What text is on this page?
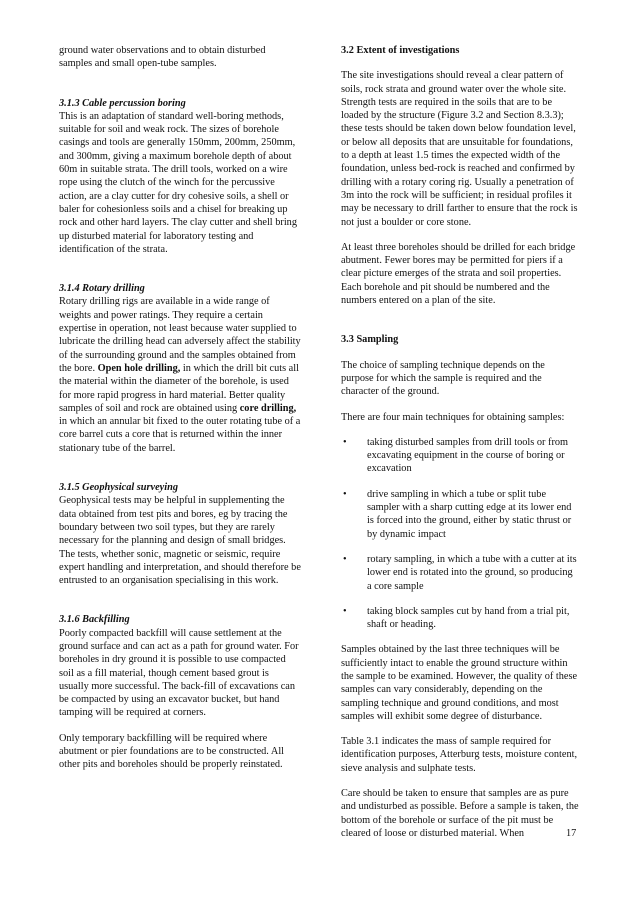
ground water observations and to obtain disturbed samples and small open-tube samples.

3.1.3 Cable percussion boring

This is an adaptation of standard well-boring methods, suitable for soil and weak rock. The sizes of borehole casings and tools are generally 150mm, 200mm, 250mm, and 300mm, giving a maximum borehole depth of about 60m in suitable strata. The drill tools, worked on a wire rope using the clutch of the winch for the percussive action, are a clay cutter for dry cohesive soils, a shell or baler for cohesionless soils and a chisel for breaking up rock and other hard layers. The clay cutter and shell bring up disturbed material for laboratory testing and identification of the strata.

3.1.4 Rotary drilling

Rotary drilling rigs are available in a wide range of weights and power ratings. They require a certain expertise in operation, not least because water supplied to lubricate the drilling head can adversely affect the stability of the surrounding ground and the samples obtained from the bore. Open hole drilling, in which the drill bit cuts all the material within the diameter of the borehole, is used for more rapid progress in hard material. Better quality samples of soil and rock are obtained using core drilling, in which an annular bit fixed to the outer rotating tube of a core barrel cuts a core that is returned within the inner stationary tube of the barrel.

3.1.5 Geophysical surveying

Geophysical tests may be helpful in supplementing the data obtained from test pits and bores, eg by tracing the boundary between two soil types, but they are rarely necessary for the planning and design of small bridges. The tests, whether sonic, magnetic or seismic, require expert handling and interpretation, and should therefore be entrusted to an organisation specialising in this work.

3.1.6 Backfilling

Poorly compacted backfill will cause settlement at the ground surface and can act as a path for ground water. For boreholes in dry ground it is possible to use compacted soil as a fill material, though cement based grout is usually more successful. The back-fill of excavations can be compacted by using an excavator bucket, but hand tamping will be required at corners.

Only temporary backfilling will be required where abutment or pier foundations are to be constructed. All other pits and boreholes should be properly reinstated.

3.2 Extent of investigations

The site investigations should reveal a clear pattern of soils, rock strata and ground water over the whole site. Strength tests are required in the soils that are to be loaded by the structure (Figure 3.2 and Section 8.3.3); these tests should be taken down below foundation level, or below all deposits that are unsuitable for foundations, to a depth at least 1.5 times the expected width of the foundation, unless bed-rock is reached and confirmed by drilling with a rotary coring rig. Usually a penetration of 3m into the rock will be sufficient; in residual profiles it may be necessary to drill farther to ensure that the rock is not just a boulder or core stone.

At least three boreholes should be drilled for each bridge abutment. Fewer bores may be permitted for piers if a clear picture emerges of the strata and soil properties. Each borehole and pit should be numbered and the numbers entered on a plan of the site.

3.3 Sampling

The choice of sampling technique depends on the purpose for which the sample is required and the character of the ground.

There are four main techniques for obtaining samples:

• taking disturbed samples from drill tools or from excavating equipment in the course of boring or excavation
• drive sampling in which a tube or split tube sampler with a sharp cutting edge at its lower end is forced into the ground, either by static thrust or by dynamic impact
• rotary sampling, in which a tube with a cutter at its lower end is rotated into the ground, so producing a core sample
• taking block samples cut by hand from a trial pit, shaft or heading.

Samples obtained by the last three techniques will be sufficiently intact to enable the ground structure within the sample to be examined. However, the quality of these samples can vary considerably, depending on the sampling technique and ground conditions, and most samples will exhibit some degree of disturbance.

Table 3.1 indicates the mass of sample required for identification purposes, Atterburg tests, moisture content, sieve analysis and sulphate tests.

Care should be taken to ensure that samples are as pure and undisturbed as possible. Before a sample is taken, the bottom of the borehole or surface of the pit must be cleared of loose or disturbed material. When	17
